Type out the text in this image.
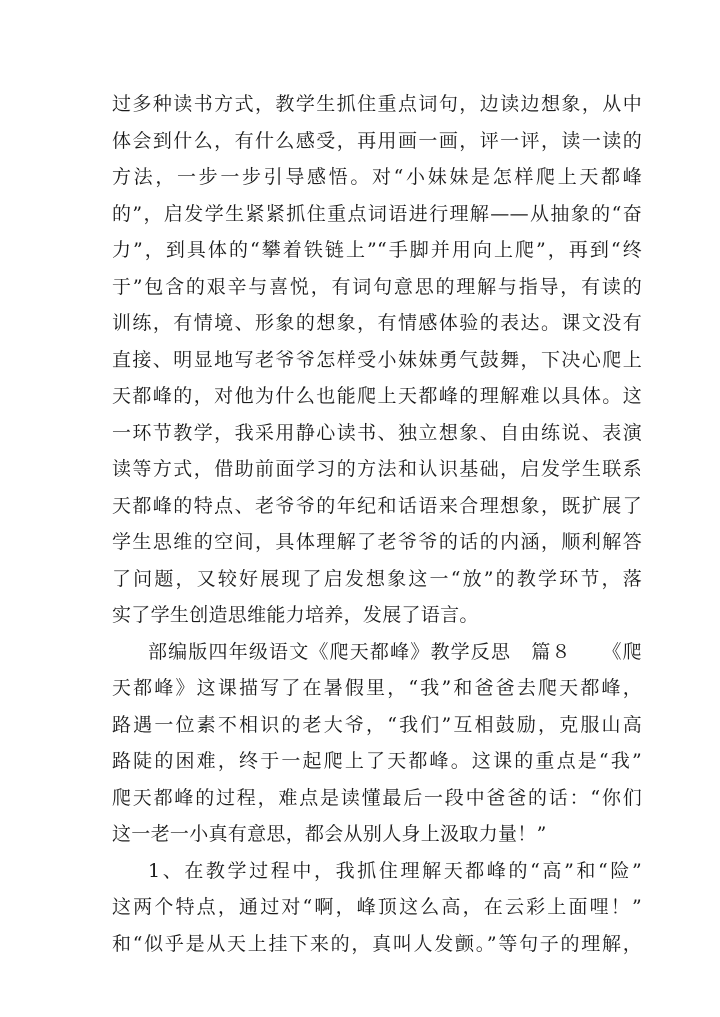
过多种读书方式，教学生抓住重点词句，边读边想象，从中
体会到什么，有什么感受，再用画一画，评一评，读一读的
方法，一步一步引导感悟。对“小妹妹是怎样爬上天都峰
的”，启发学生紧紧抓住重点词语进行理解——从抽象的“奋
力”，到具体的“攀着铁链上”“手脚并用向上爬”，再到“终
于”包含的艰辛与喜悦，有词句意思的理解与指导，有读的
训练，有情境、形象的想象，有情感体验的表达。课文没有
直接、明显地写老爷爷怎样受小妹妹勇气鼓舞，下决心爬上
天都峰的，对他为什么也能爬上天都峰的理解难以具体。这
一环节教学，我采用静心读书、独立想象、自由练说、表演
读等方式，借助前面学习的方法和认识基础，启发学生联系
天都峰的特点、老爷爷的年纪和话语来合理想象，既扩展了
学生思维的空间，具体理解了老爷爷的话的内涵，顺利解答
了问题，又较好展现了启发想象这一“放”的教学环节，落
实了学生创造思维能力培养，发展了语言。
部编版四年级语文《爬天都峰》教学反思　篇８　　《爬
天都峰》这课描写了在暑假里，“我”和爸爸去爬天都峰，
路遇一位素不相识的老大爷，“我们”互相鼓励，克服山高
路陡的困难，终于一起爬上了天都峰。这课的重点是“我”
爬天都峰的过程，难点是读懂最后一段中爸爸的话：“你们
这一老一小真有意思，都会从别人身上汲取力量！”
1、在教学过程中，我抓住理解天都峰的“高”和“险”
这两个特点，通过对“啊，峰顶这么高，在云彩上面哩！”
和“似乎是从天上挂下来的，真叫人发颤。”等句子的理解，
